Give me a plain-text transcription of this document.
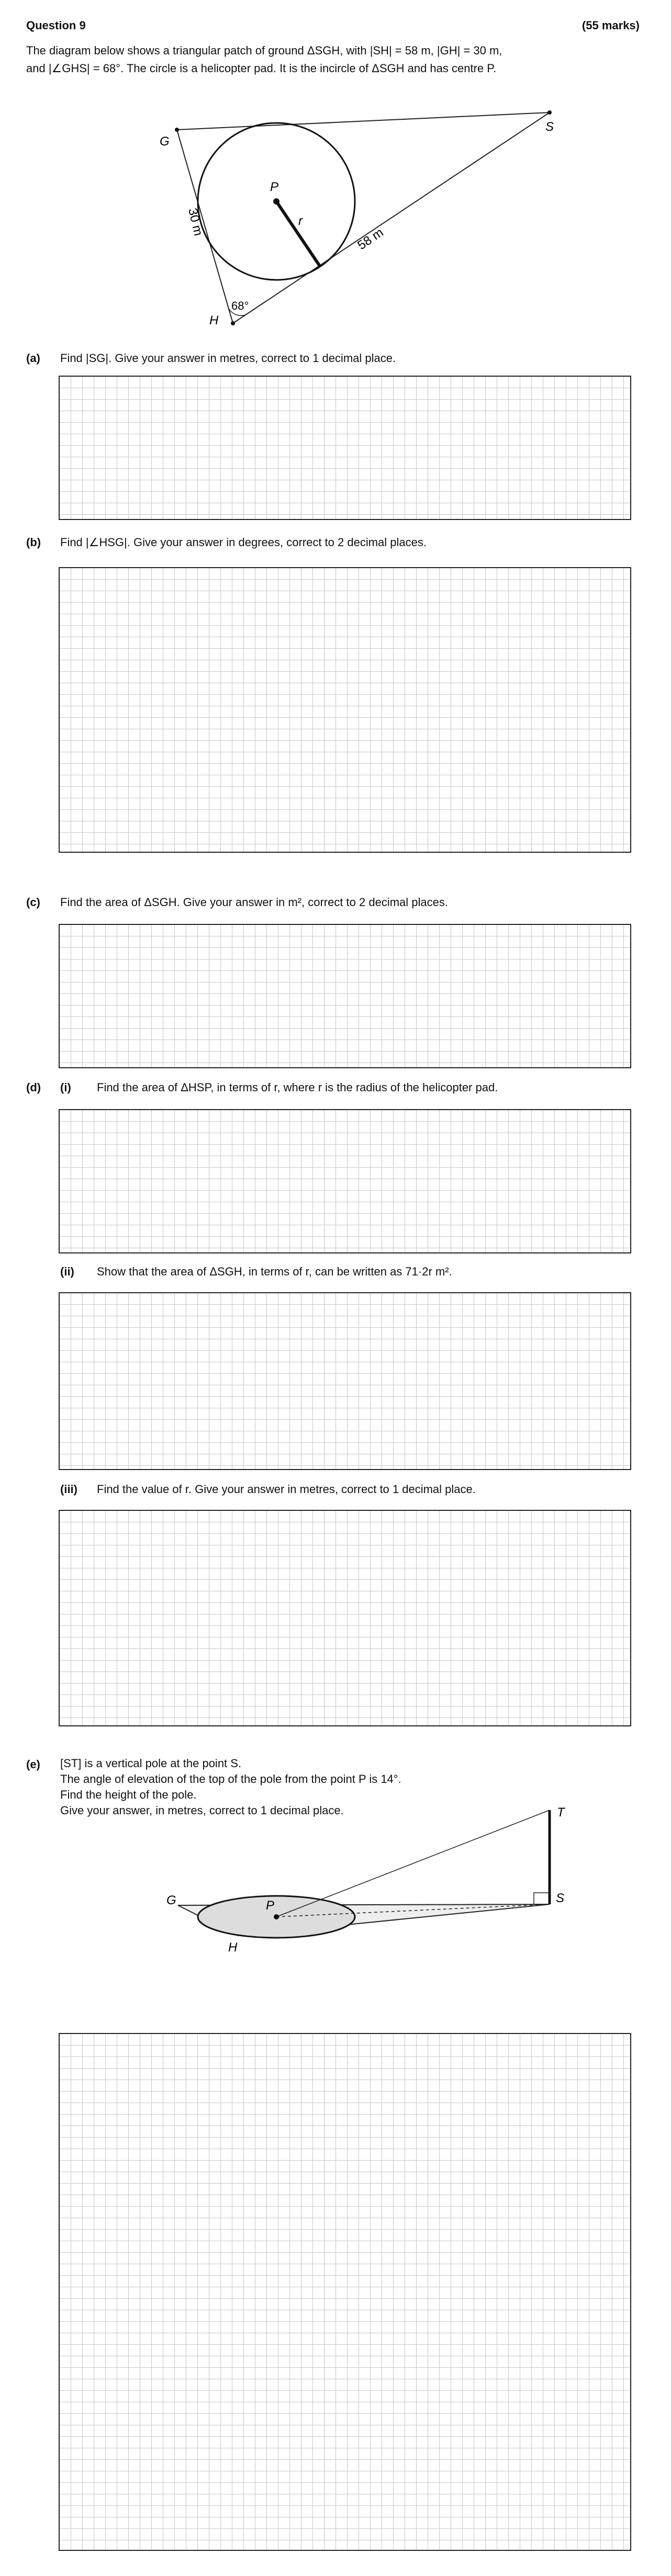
Question 9	(55 marks)
The diagram below shows a triangular patch of ground ΔSGH, with |SH| = 58 m, |GH| = 30 m,
and |∠GHS| = 68°. The circle is a helicopter pad. It is the incircle of ΔSGH and has centre P.
G
S
H
P
r
30 m
58 m
68°
(a) Find |SG|. Give your answer in metres, correct to 1 decimal place.
(b) Find |∠HSG|. Give your answer in degrees, correct to 2 decimal places.
(c) Find the area of ΔSGH. Give your answer in m², correct to 2 decimal places.
(d) (i) Find the area of ΔHSP, in terms of r, where r is the radius of the helicopter pad.
(ii) Show that the area of ΔSGH, in terms of r, can be written as 71·2r m².
(iii) Find the value of r. Give your answer in metres, correct to 1 decimal place.
(e) [ST] is a vertical pole at the point S.
The angle of elevation of the top of the pole from the point P is 14°.
Find the height of the pole.
Give your answer, in metres, correct to 1 decimal place.
G
H
S
T
P
